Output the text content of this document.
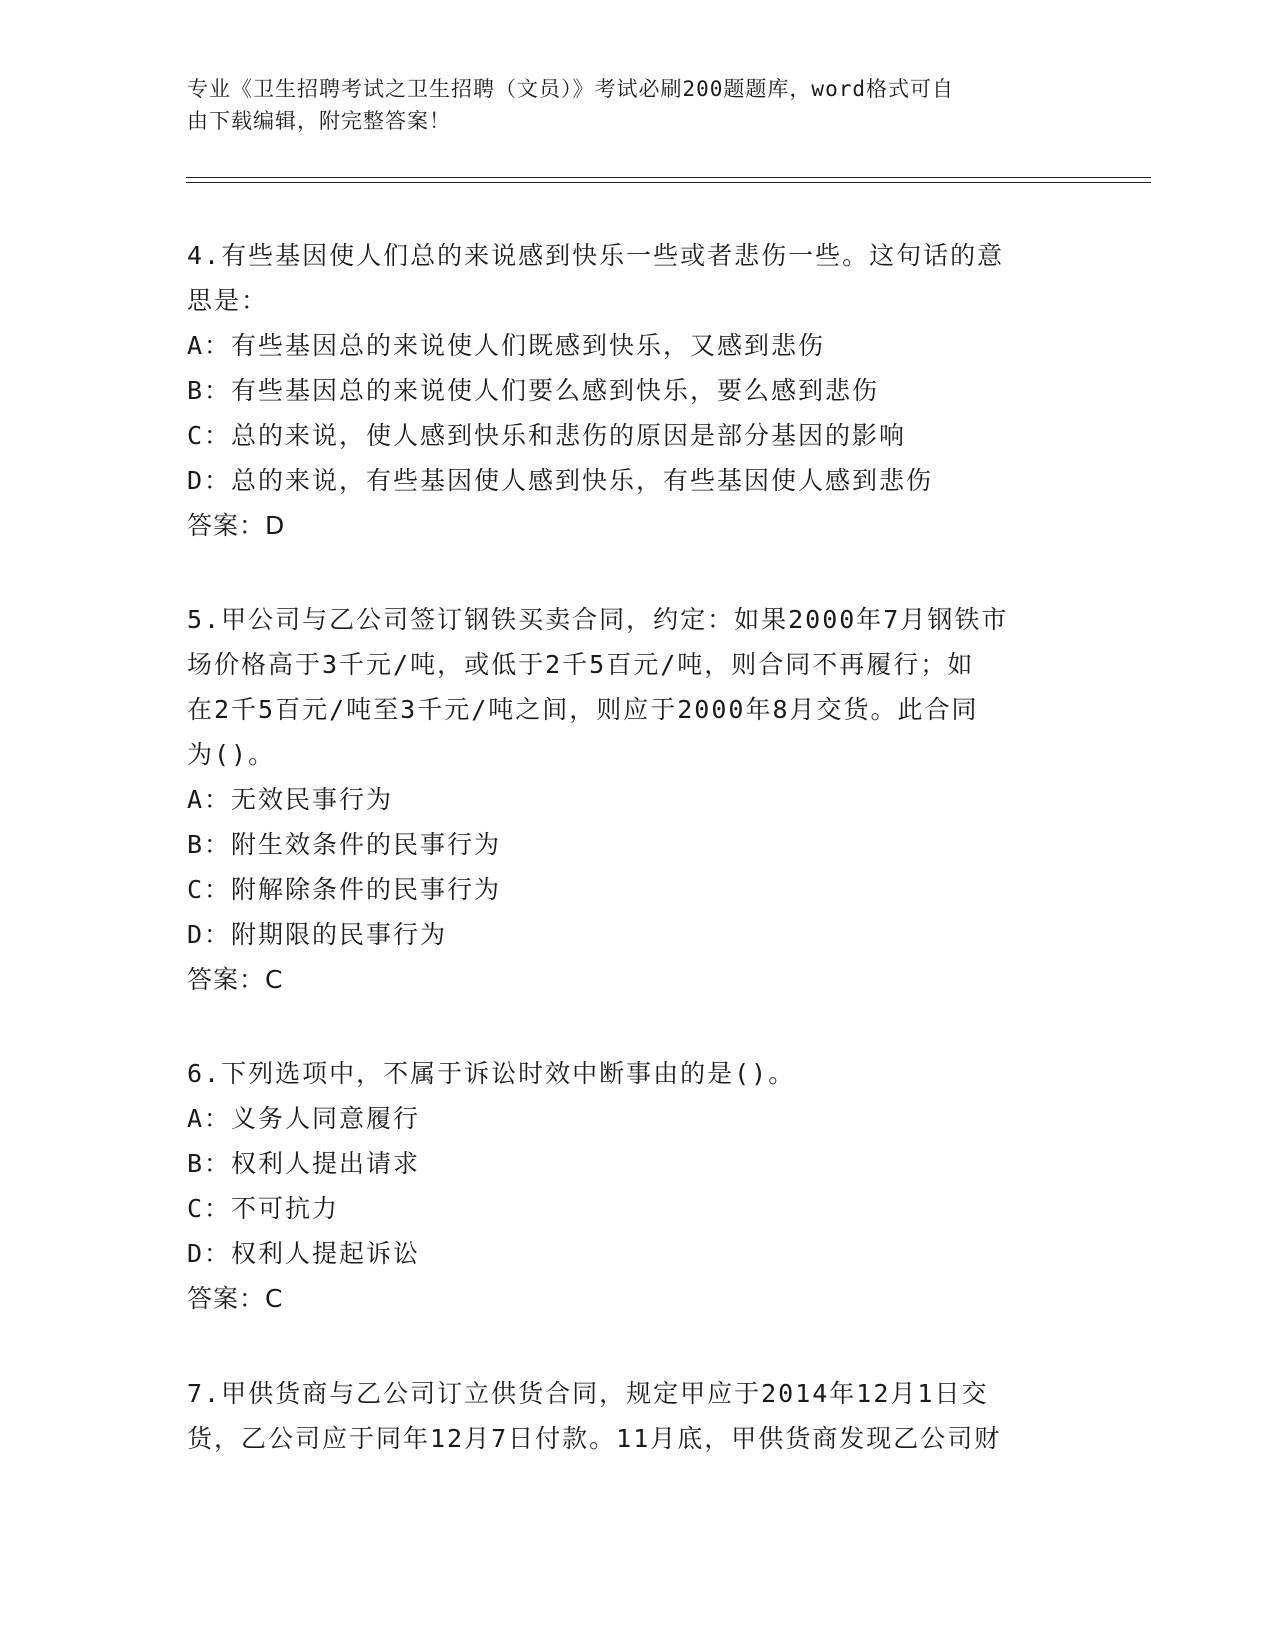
专业《卫生招聘考试之卫生招聘（文员）》考试必刷200题题库，word格式可自
由下载编辑，附完整答案！
4.有些基因使人们总的来说感到快乐一些或者悲伤一些。这句话的意
思是：
A：有些基因总的来说使人们既感到快乐，又感到悲伤
B：有些基因总的来说使人们要么感到快乐，要么感到悲伤
C：总的来说，使人感到快乐和悲伤的原因是部分基因的影响
D：总的来说，有些基因使人感到快乐，有些基因使人感到悲伤
答案：D
5.甲公司与乙公司签订钢铁买卖合同，约定：如果2000年7月钢铁市
场价格高于3千元/吨，或低于2千5百元/吨，则合同不再履行；如
在2千5百元/吨至3千元/吨之间，则应于2000年8月交货。此合同
为()。
A：无效民事行为
B：附生效条件的民事行为
C：附解除条件的民事行为
D：附期限的民事行为
答案：C
6.下列选项中，不属于诉讼时效中断事由的是()。
A：义务人同意履行
B：权利人提出请求
C：不可抗力
D：权利人提起诉讼
答案：C
7.甲供货商与乙公司订立供货合同，规定甲应于2014年12月1日交
货，乙公司应于同年12月7日付款。11月底，甲供货商发现乙公司财
